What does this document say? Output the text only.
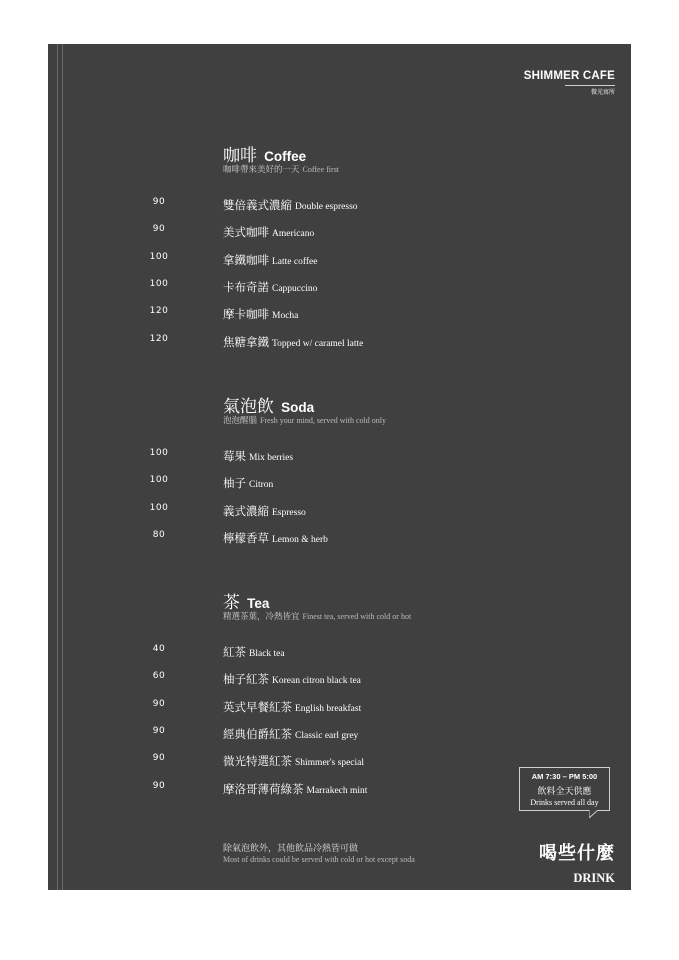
SHIMMER CAFE
微光寓所
咖啡 Coffee
咖啡帶來美好的一天 Coffee first
90	雙倍義式濃縮 Double espresso
90	美式咖啡 Americano
100	拿鐵咖啡 Latte coffee
100	卡布奇諾 Cappuccino
120	摩卡咖啡 Mocha
120	焦糖拿鐵 Topped w/ caramel latte
氣泡飲 Soda
泡泡醒腦 Fresh your mind, served with cold only
100	莓果 Mix berries
100	柚子 Citron
100	義式濃縮 Espresso
80	檸檬香草 Lemon & herb
茶 Tea
精選茶葉，冷熱皆宜 Finest tea, served with cold or hot
40	紅茶 Black tea
60	柚子紅茶 Korean citron black tea
90	英式早餐紅茶 English breakfast
90	經典伯爵紅茶 Classic earl grey
90	微光特選紅茶 Shimmer's special
90	摩洛哥薄荷綠茶 Marrakech mint
AM 7:30 – PM 5:00
飲料全天供應
Drinks served all day
除氣泡飲外，其他飲品冷熱皆可做
Most of drinks could be served with cold or hot except soda	喝些什麼
DRINK
